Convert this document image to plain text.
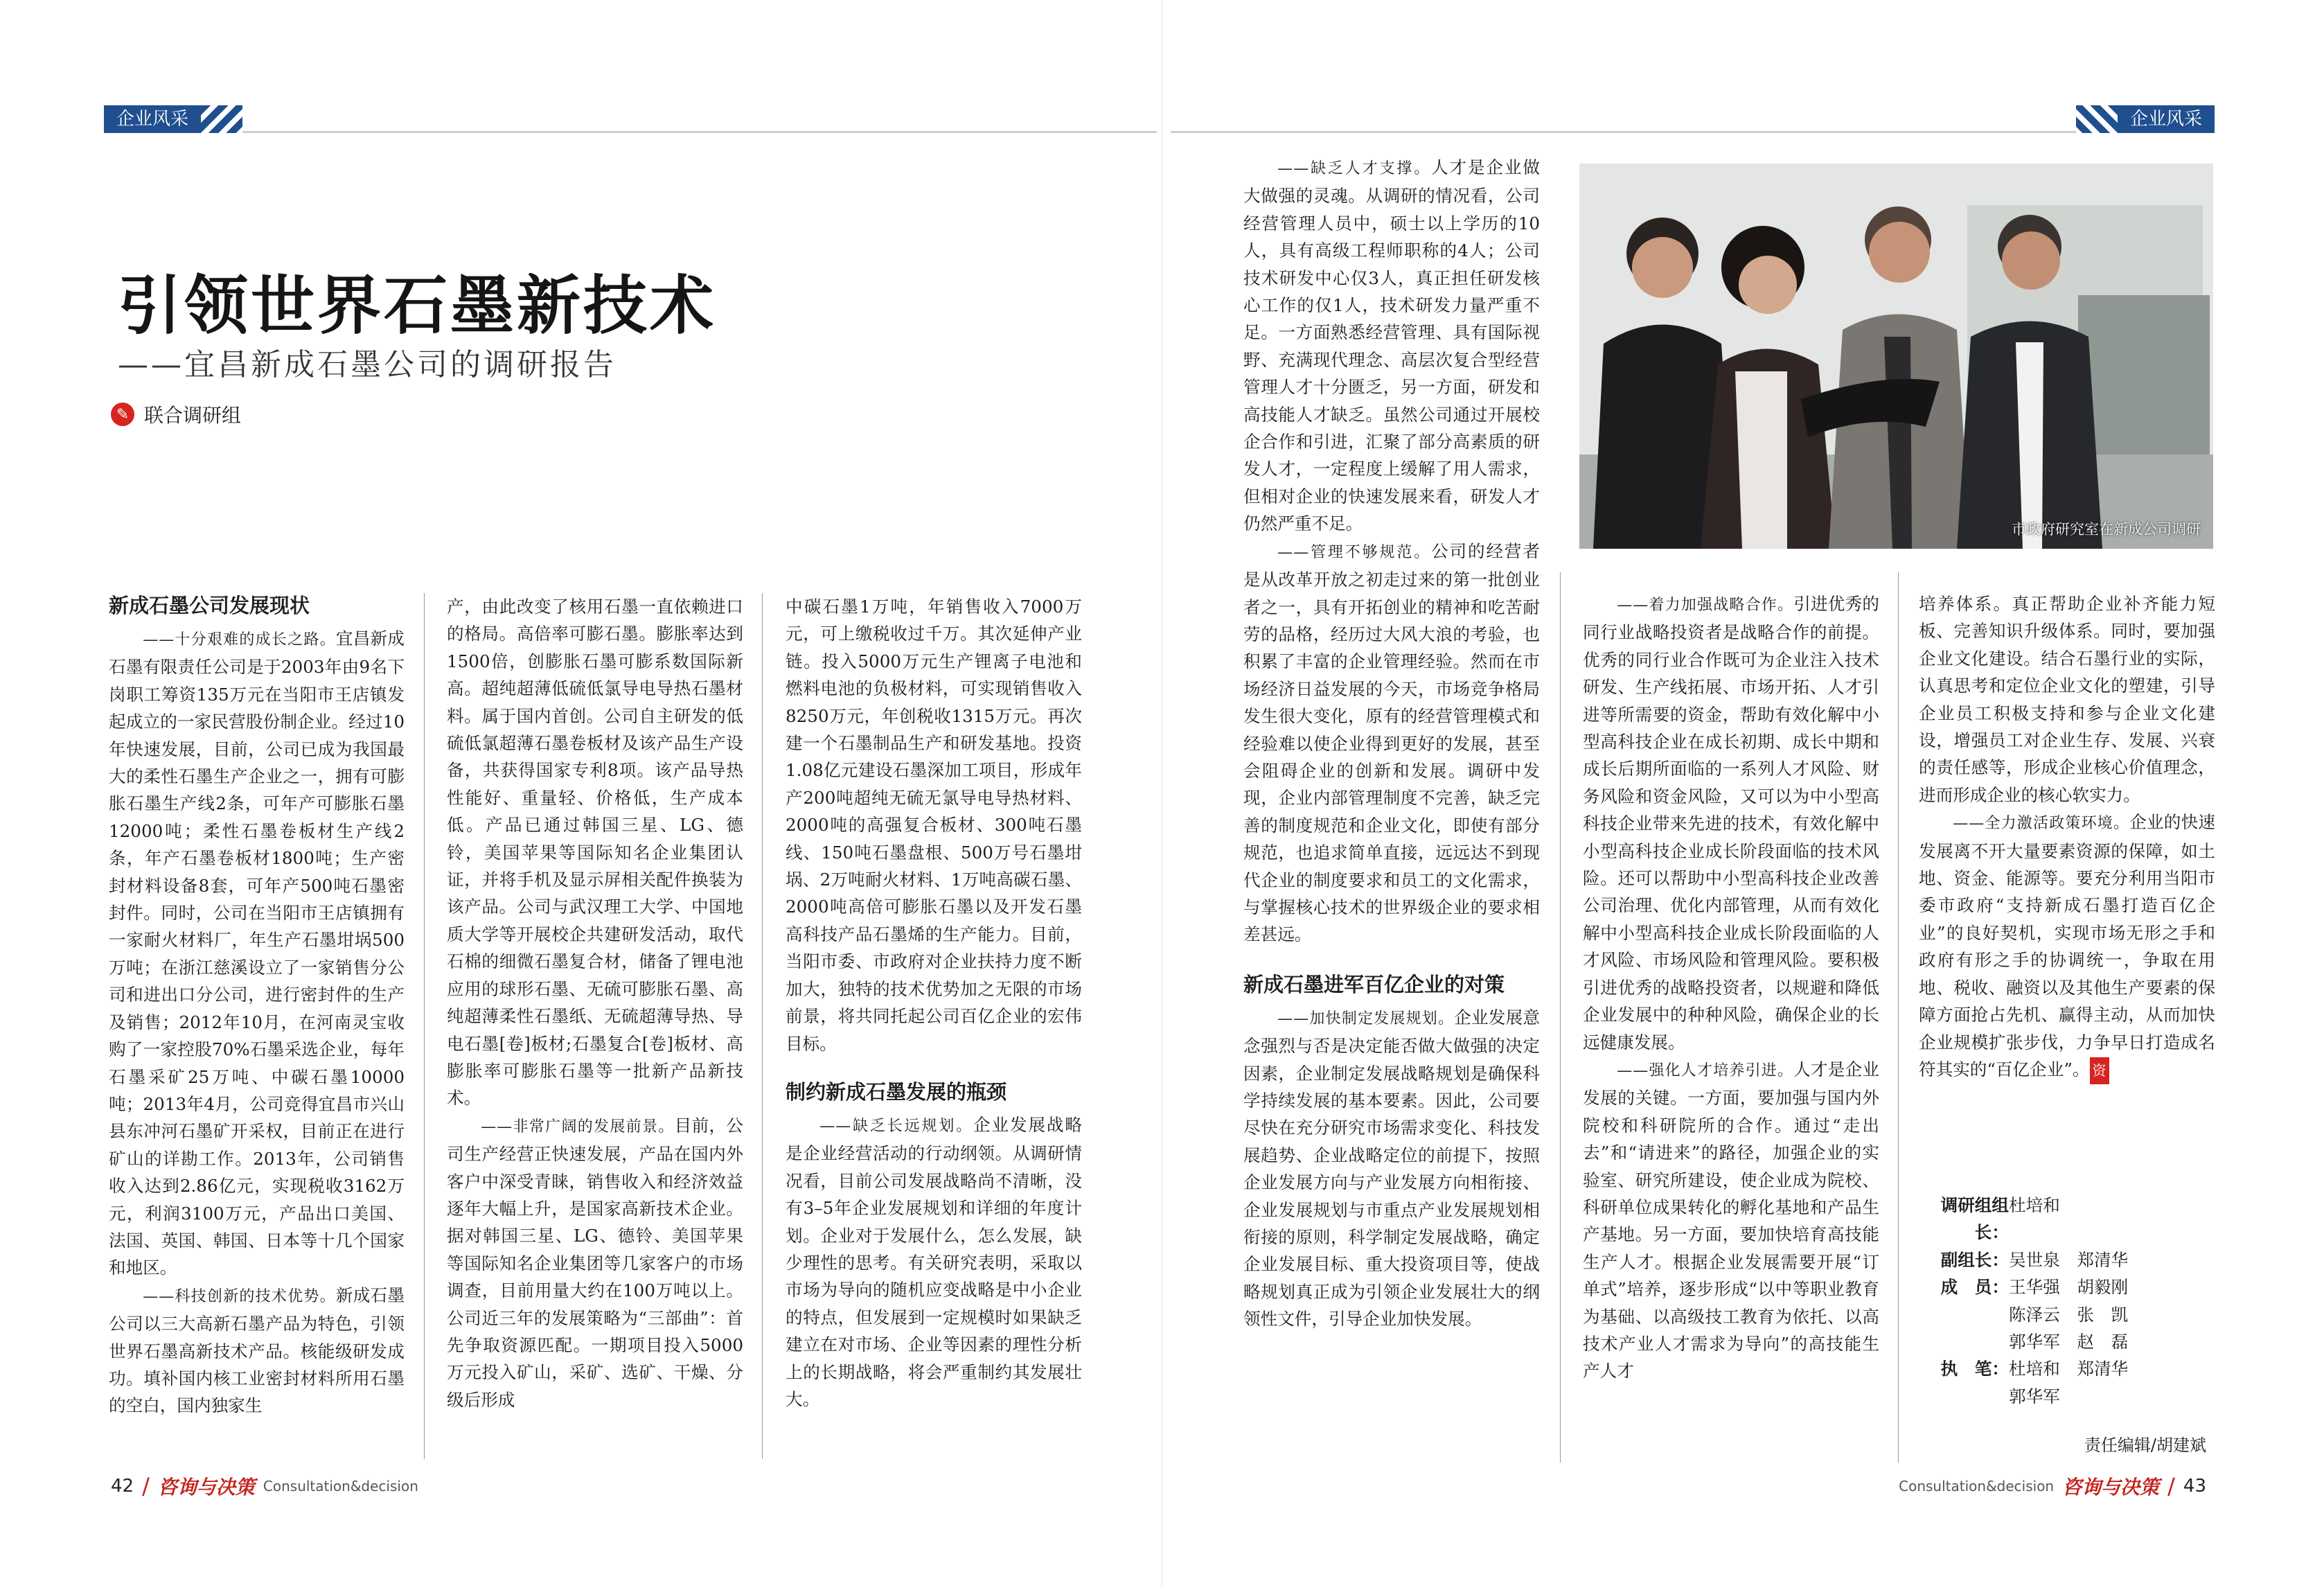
企业风采	企业风采
引领世界石墨新技术
——宜昌新成石墨公司的调研报告
✎ 联合调研组
新成石墨公司发展现状

——十分艰难的成长之路。宜昌新成石墨有限责任公司是于2003年由9名下岗职工筹资135万元在当阳市王店镇发起成立的一家民营股份制企业。经过10年快速发展，目前，公司已成为我国最大的柔性石墨生产企业之一，拥有可膨胀石墨生产线2条，可年产可膨胀石墨12000吨；柔性石墨卷板材生产线2条，年产石墨卷板材1800吨；生产密封材料设备8套，可年产500吨石墨密封件。同时，公司在当阳市王店镇拥有一家耐火材料厂，年生产石墨坩埚500万吨；在浙江慈溪设立了一家销售分公司和进出口分公司，进行密封件的生产及销售；2012年10月，在河南灵宝收购了一家控股70%石墨采选企业，每年石墨采矿25万吨、中碳石墨10000吨；2013年4月，公司竞得宜昌市兴山县东冲河石墨矿开采权，目前正在进行矿山的详勘工作。2013年，公司销售收入达到2.86亿元，实现税收3162万元，利润3100万元，产品出口美国、法国、英国、韩国、日本等十几个国家和地区。

——科技创新的技术优势。新成石墨公司以三大高新石墨产品为特色，引领世界石墨高新技术产品。核能级研发成功。填补国内核工业密封材料所用石墨的空白，国内独家生

产，由此改变了核用石墨一直依赖进口的格局。高倍率可膨石墨。膨胀率达到1500倍，创膨胀石墨可膨系数国际新高。超纯超薄低硫低氯导电导热石墨材料。属于国内首创。公司自主研发的低硫低氯超薄石墨卷板材及该产品生产设备，共获得国家专利8项。该产品导热性能好、重量轻、价格低，生产成本低。产品已通过韩国三星、LG、德铃，美国苹果等国际知名企业集团认证，并将手机及显示屏相关配件换装为该产品。公司与武汉理工大学、中国地质大学等开展校企共建研发活动，取代石棉的细微石墨复合材，储备了锂电池应用的球形石墨、无硫可膨胀石墨、高纯超薄柔性石墨纸、无硫超薄导热、导电石墨[卷]板材;石墨复合[卷]板材、高膨胀率可膨胀石墨等一批新产品新技术。

——非常广阔的发展前景。目前，公司生产经营正快速发展，产品在国内外客户中深受青睐，销售收入和经济效益逐年大幅上升，是国家高新技术企业。据对韩国三星、LG、德铃、美国苹果等国际知名企业集团等几家客户的市场调查，目前用量大约在100万吨以上。公司近三年的发展策略为“三部曲”：首先争取资源匹配。一期项目投入5000万元投入矿山，采矿、选矿、干燥、分级后形成

中碳石墨1万吨，年销售收入7000万元，可上缴税收过千万。其次延伸产业链。投入5000万元生产锂离子电池和燃料电池的负极材料，可实现销售收入8250万元，年创税收1315万元。再次建一个石墨制品生产和研发基地。投资1.08亿元建设石墨深加工项目，形成年产200吨超纯无硫无氯导电导热材料、2000吨的高强复合板材、300吨石墨线、150吨石墨盘根、500万号石墨坩埚、2万吨耐火材料、1万吨高碳石墨、2000吨高倍可膨胀石墨以及开发石墨高科技产品石墨烯的生产能力。目前，当阳市委、市政府对企业扶持力度不断加大，独特的技术优势加之无限的市场前景，将共同托起公司百亿企业的宏伟目标。

制约新成石墨发展的瓶颈

——缺乏长远规划。企业发展战略是企业经营活动的行动纲领。从调研情况看，目前公司发展战略尚不清晰，没有3–5年企业发展规划和详细的年度计划。企业对于发展什么，怎么发展，缺少理性的思考。有关研究表明，采取以市场为导向的随机应变战略是中小企业的特点，但发展到一定规模时如果缺乏建立在对市场、企业等因素的理性分析上的长期战略，将会严重制约其发展壮大。

——缺乏人才支撑。人才是企业做大做强的灵魂。从调研的情况看，公司经营管理人员中，硕士以上学历的10人，具有高级工程师职称的4人；公司技术研发中心仅3人，真正担任研发核心工作的仅1人，技术研发力量严重不足。一方面熟悉经营管理、具有国际视野、充满现代理念、高层次复合型经营管理人才十分匮乏，另一方面，研发和高技能人才缺乏。虽然公司通过开展校企合作和引进，汇聚了部分高素质的研发人才，一定程度上缓解了用人需求，但相对企业的快速发展来看，研发人才仍然严重不足。

——管理不够规范。公司的经营者是从改革开放之初走过来的第一批创业者之一，具有开拓创业的精神和吃苦耐劳的品格，经历过大风大浪的考验，也积累了丰富的企业管理经验。然而在市场经济日益发展的今天，市场竞争格局发生很大变化，原有的经营管理模式和经验难以使企业得到更好的发展，甚至会阻碍企业的创新和发展。调研中发现，企业内部管理制度不完善，缺乏完善的制度规范和企业文化，即使有部分规范，也追求简单直接，远远达不到现代企业的制度要求和员工的文化需求，与掌握核心技术的世界级企业的要求相差甚远。

新成石墨进军百亿企业的对策

——加快制定发展规划。企业发展意念强烈与否是决定能否做大做强的决定因素，企业制定发展战略规划是确保科学持续发展的基本要素。因此，公司要尽快在充分研究市场需求变化、科技发展趋势、企业战略定位的前提下，按照企业发展方向与产业发展方向相衔接、企业发展规划与市重点产业发展规划相衔接的原则，科学制定发展战略，确定企业发展目标、重大投资项目等，使战略规划真正成为引领企业发展壮大的纲领性文件，引导企业加快发展。

市政府研究室在新成公司调研

——着力加强战略合作。引进优秀的同行业战略投资者是战略合作的前提。优秀的同行业合作既可为企业注入技术研发、生产线拓展、市场开拓、人才引进等所需要的资金，帮助有效化解中小型高科技企业在成长初期、成长中期和成长后期所面临的一系列人才风险、财务风险和资金风险，又可以为中小型高科技企业带来先进的技术，有效化解中小型高科技企业成长阶段面临的技术风险。还可以帮助中小型高科技企业改善公司治理、优化内部管理，从而有效化解中小型高科技企业成长阶段面临的人才风险、市场风险和管理风险。要积极引进优秀的战略投资者，以规避和降低企业发展中的种种风险，确保企业的长远健康发展。

——强化人才培养引进。人才是企业发展的关键。一方面，要加强与国内外院校和科研院所的合作。通过“走出去”和“请进来”的路径，加强企业的实验室、研究所建设，使企业成为院校、科研单位成果转化的孵化基地和产品生产基地。另一方面，要加快培育高技能生产人才。根据企业发展需要开展“订单式”培养，逐步形成“以中等职业教育为基础、以高级技工教育为依托、以高技术产业人才需求为导向”的高技能生产人才

培养体系。真正帮助企业补齐能力短板、完善知识升级体系。同时，要加强企业文化建设。结合石墨行业的实际，认真思考和定位企业文化的塑建，引导企业员工积极支持和参与企业文化建设，增强员工对企业生存、发展、兴衰的责任感等，形成企业核心价值理念，进而形成企业的核心软实力。

——全力激活政策环境。企业的快速发展离不开大量要素资源的保障，如土地、资金、能源等。要充分利用当阳市委市政府“支持新成石墨打造百亿企业”的良好契机，实现市场无形之手和政府有形之手的协调统一，争取在用地、税收、融资以及其他生产要素的保障方面抢占先机、赢得主动，从而加快企业规模扩张步伐，力争早日打造成名符其实的“百亿企业”。 资

调研组组长：
杜培和
副组长： 吴世泉　郑清华
成　员： 王华强　胡毅刚
陈泽云　张　凯
郭华军　赵　磊
执　笔： 杜培和　郑清华
郭华军
责任编辑/胡建斌
42 / 咨询与决策 Consultation&decision	Consultation&decision 咨询与决策 / 43
